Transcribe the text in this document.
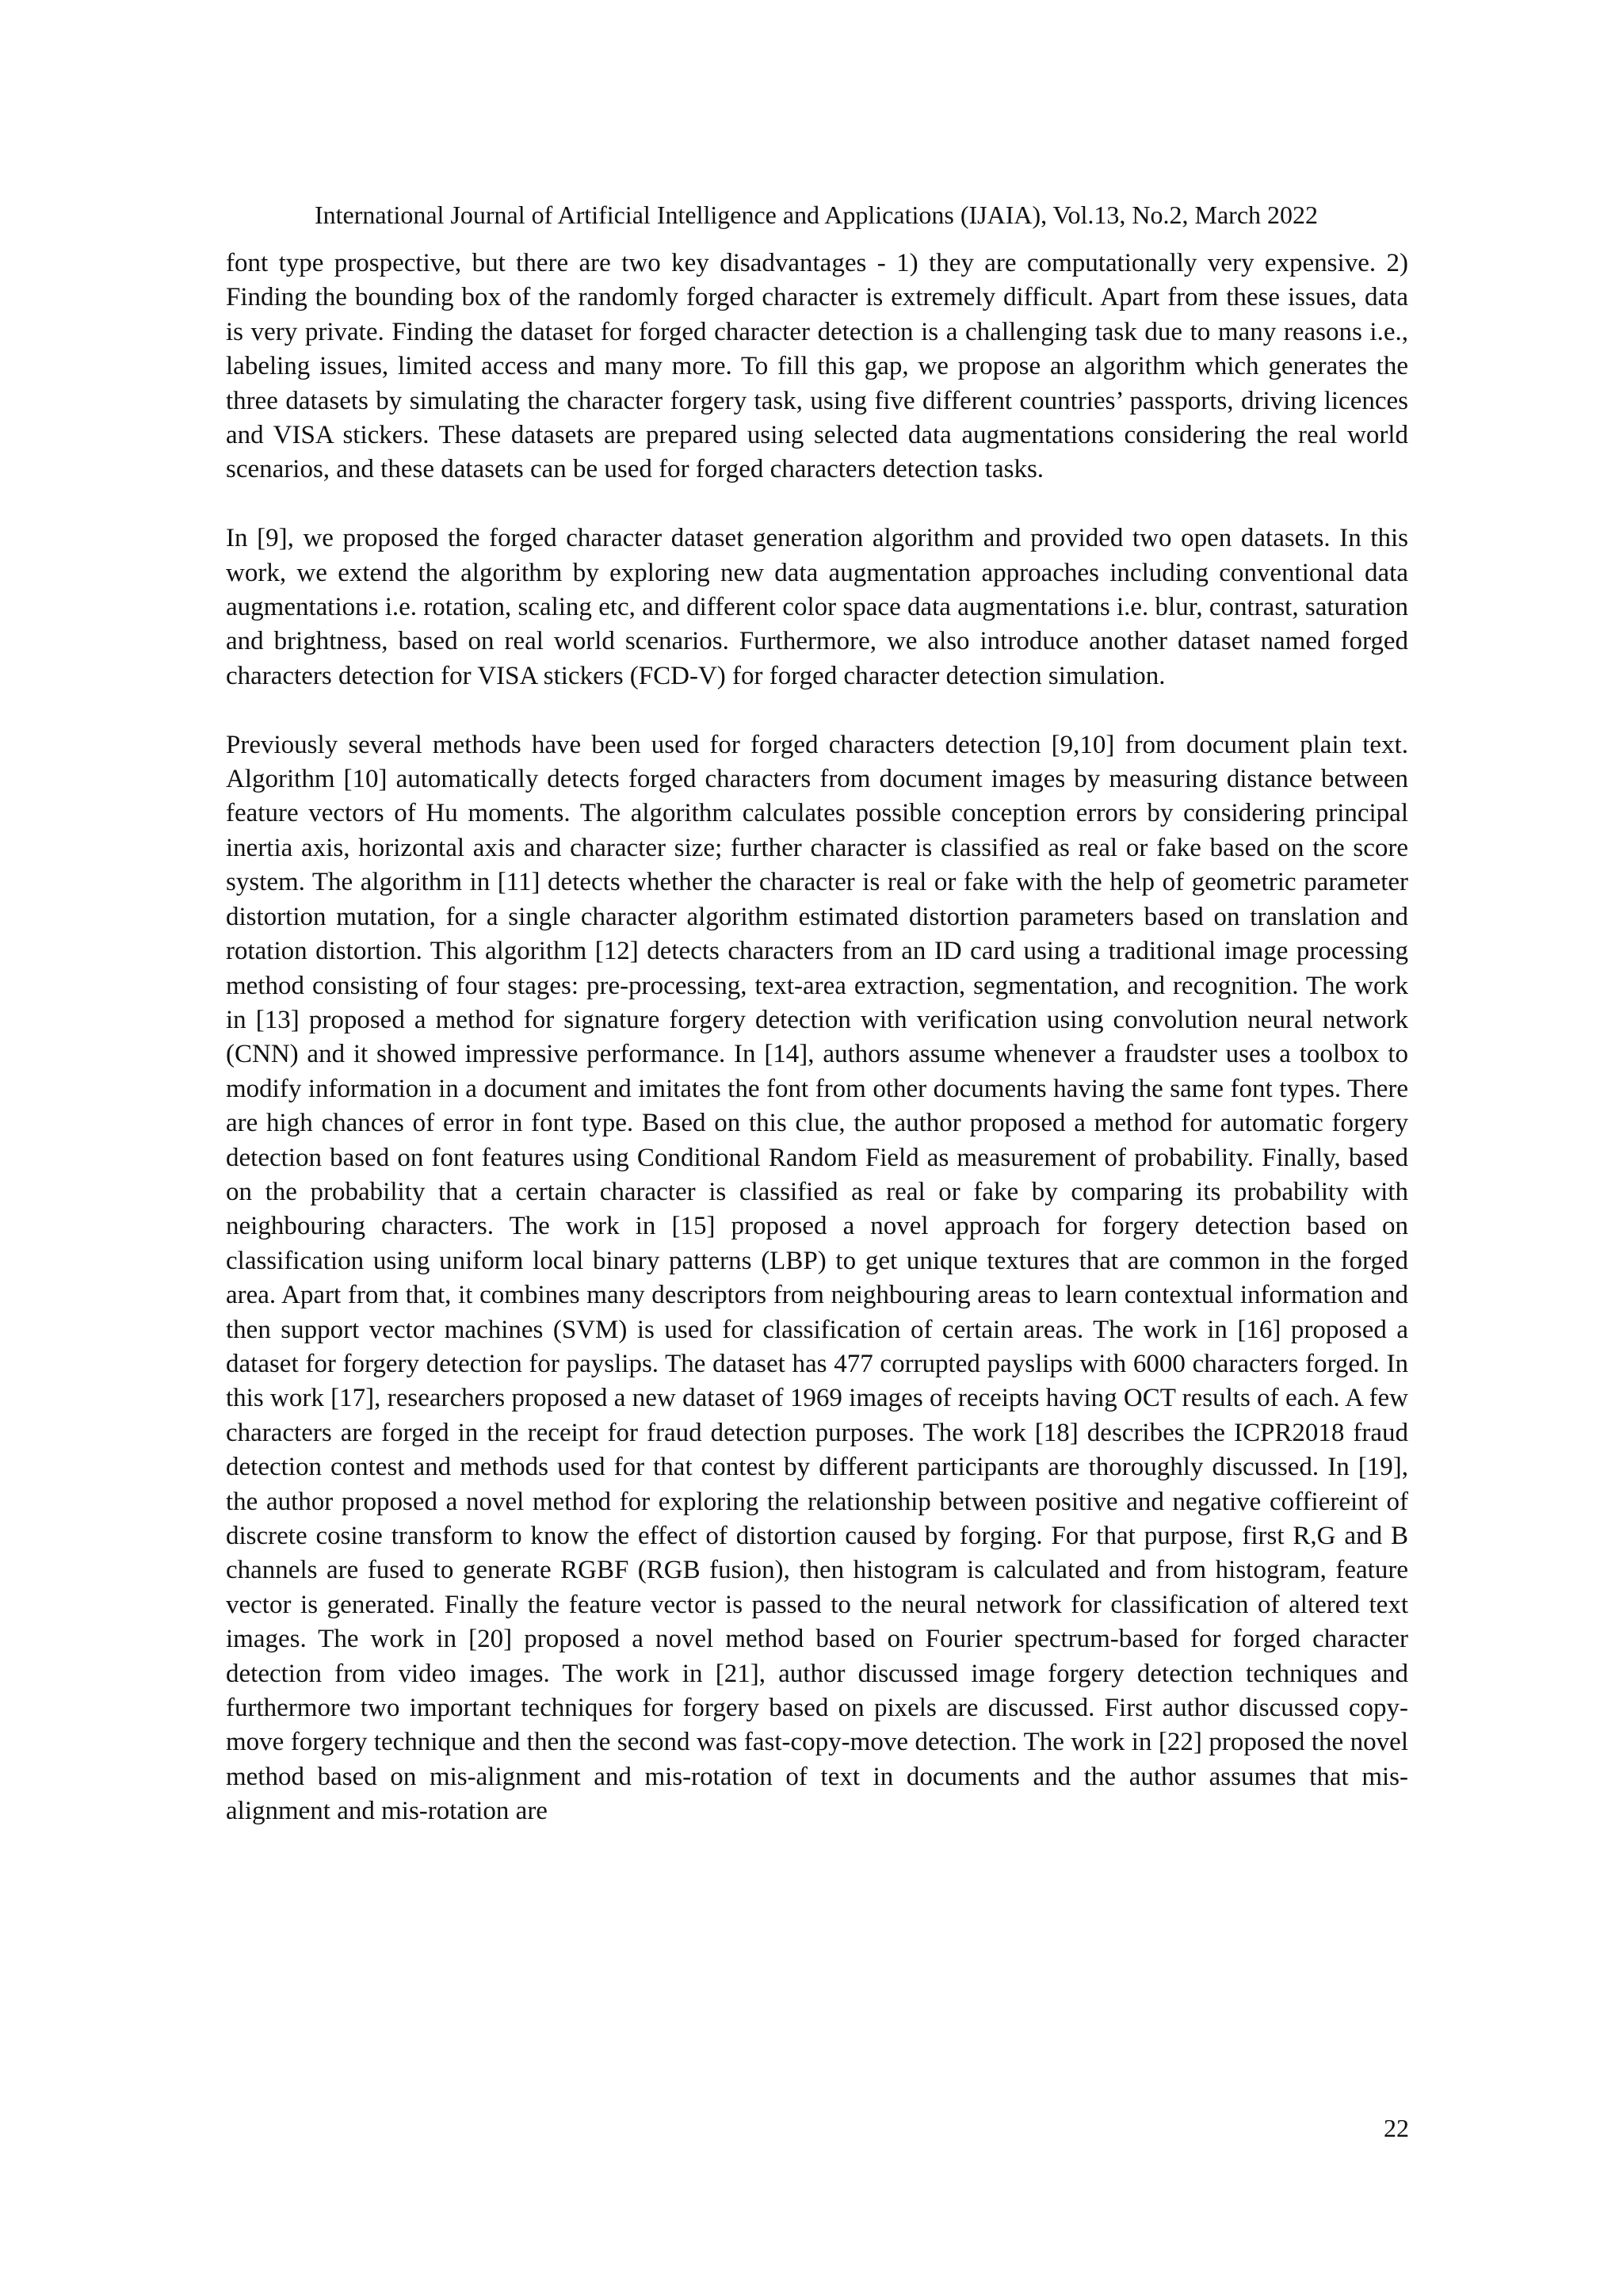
International Journal of Artificial Intelligence and Applications (IJAIA), Vol.13, No.2, March 2022

font type prospective, but there are two key disadvantages - 1) they are computationally very expensive. 2) Finding the bounding box of the randomly forged character is extremely difficult. Apart from these issues, data is very private. Finding the dataset for forged character detection is a challenging task due to many reasons i.e., labeling issues, limited access and many more. To fill this gap, we propose an algorithm which generates the three datasets by simulating the character forgery task, using five different countries’ passports, driving licences and VISA stickers. These datasets are prepared using selected data augmentations considering the real world scenarios, and these datasets can be used for forged characters detection tasks.

In [9], we proposed the forged character dataset generation algorithm and provided two open datasets. In this work, we extend the algorithm by exploring new data augmentation approaches including conventional data augmentations i.e. rotation, scaling etc, and different color space data augmentations i.e. blur, contrast, saturation and brightness, based on real world scenarios. Furthermore, we also introduce another dataset named forged characters detection for VISA stickers (FCD-V) for forged character detection simulation.

Previously several methods have been used for forged characters detection [9,10] from document plain text. Algorithm [10] automatically detects forged characters from document images by measuring distance between feature vectors of Hu moments. The algorithm calculates possible conception errors by considering principal inertia axis, horizontal axis and character size; further character is classified as real or fake based on the score system. The algorithm in [11] detects whether the character is real or fake with the help of geometric parameter distortion mutation, for a single character algorithm estimated distortion parameters based on translation and rotation distortion. This algorithm [12] detects characters from an ID card using a traditional image processing method consisting of four stages: pre-processing, text-area extraction, segmentation, and recognition. The work in [13] proposed a method for signature forgery detection with verification using convolution neural network (CNN) and it showed impressive performance. In [14], authors assume whenever a fraudster uses a toolbox to modify information in a document and imitates the font from other documents having the same font types. There are high chances of error in font type. Based on this clue, the author proposed a method for automatic forgery detection based on font features using Conditional Random Field as measurement of probability. Finally, based on the probability that a certain character is classified as real or fake by comparing its probability with neighbouring characters. The work in [15] proposed a novel approach for forgery detection based on classification using uniform local binary patterns (LBP) to get unique textures that are common in the forged area. Apart from that, it combines many descriptors from neighbouring areas to learn contextual information and then support vector machines (SVM) is used for classification of certain areas. The work in [16] proposed a dataset for forgery detection for payslips. The dataset has 477 corrupted payslips with 6000 characters forged. In this work [17], researchers proposed a new dataset of 1969 images of receipts having OCT results of each. A few characters are forged in the receipt for fraud detection purposes. The work [18] describes the ICPR2018 fraud detection contest and methods used for that contest by different participants are thoroughly discussed. In [19], the author proposed a novel method for exploring the relationship between positive and negative coffiereint of discrete cosine transform to know the effect of distortion caused by forging. For that purpose, first R,G and B channels are fused to generate RGBF (RGB fusion), then histogram is calculated and from histogram, feature vector is generated. Finally the feature vector is passed to the neural network for classification of altered text images. The work in [20] proposed a novel method based on Fourier spectrum-based for forged character detection from video images. The work in [21], author discussed image forgery detection techniques and furthermore two important techniques for forgery based on pixels are discussed. First author discussed copy-move forgery technique and then the second was fast-copy-move detection. The work in [22] proposed the novel method based on mis-alignment and mis-rotation of text in documents and the author assumes that mis-alignment and mis-rotation are

22
